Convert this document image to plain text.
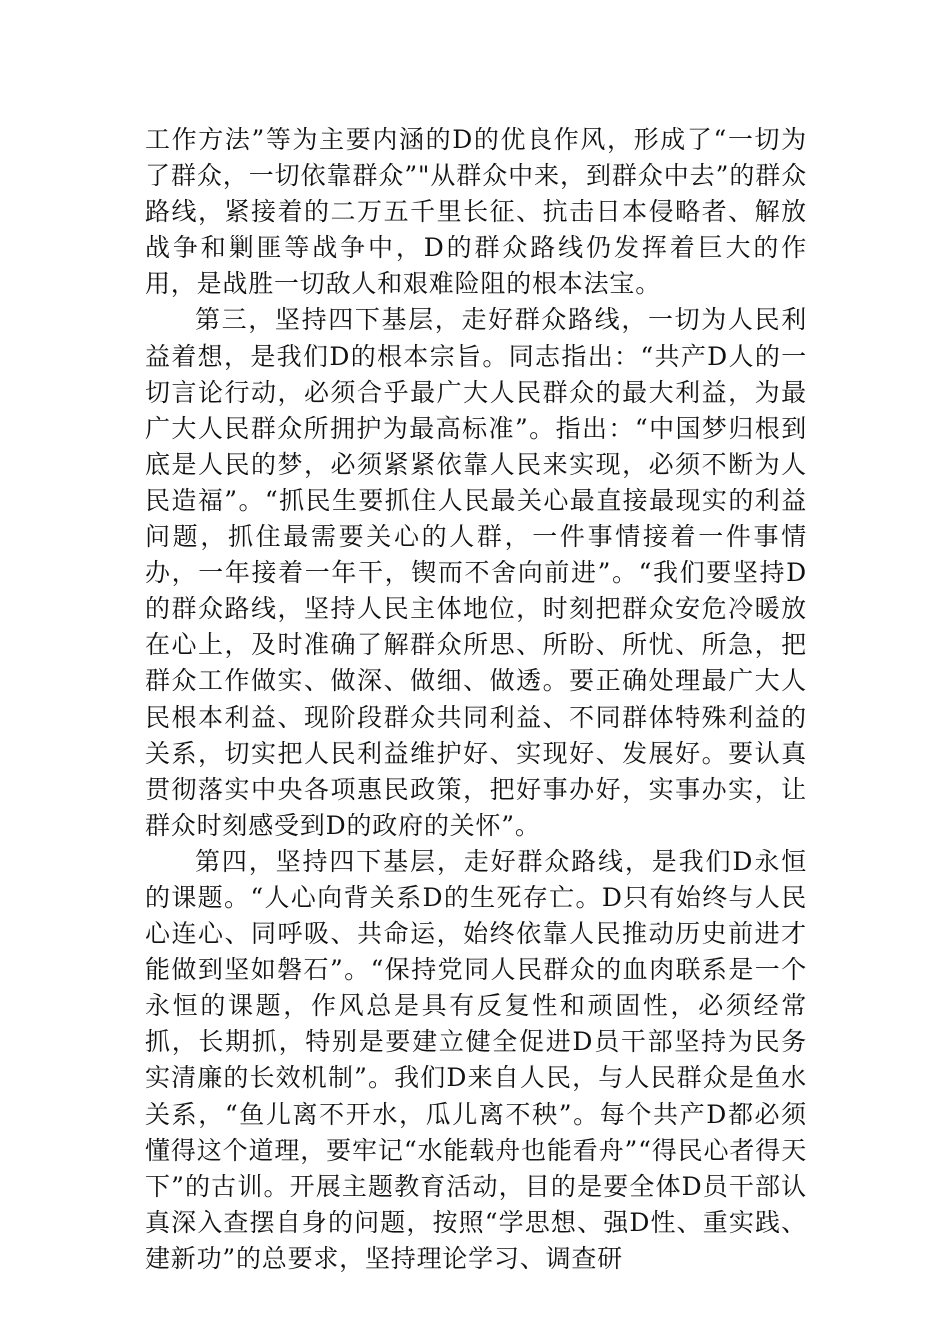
工作方法”等为主要内涵的D的优良作风，形成了“一切为了群众，一切依靠群众”"从群众中来，到群众中去”的群众路线，紧接着的二万五千里长征、抗击日本侵略者、解放战争和剿匪等战争中，D的群众路线仍发挥着巨大的作用，是战胜一切敌人和艰难险阻的根本法宝。

第三，坚持四下基层，走好群众路线，一切为人民利益着想，是我们D的根本宗旨。同志指出：“共产D人的一切言论行动，必须合乎最广大人民群众的最大利益，为最广大人民群众所拥护为最高标准”。指出：“中国梦归根到底是人民的梦，必须紧紧依靠人民来实现，必须不断为人民造福”。“抓民生要抓住人民最关心最直接最现实的利益问题，抓住最需要关心的人群，一件事情接着一件事情办，一年接着一年干，锲而不舍向前进”。“我们要坚持D的群众路线，坚持人民主体地位，时刻把群众安危冷暖放在心上，及时准确了解群众所思、所盼、所忧、所急，把群众工作做实、做深、做细、做透。要正确处理最广大人民根本利益、现阶段群众共同利益、不同群体特殊利益的关系，切实把人民利益维护好、实现好、发展好。要认真贯彻落实中央各项惠民政策，把好事办好，实事办实，让群众时刻感受到D的政府的关怀”。

第四，坚持四下基层，走好群众路线，是我们D永恒的课题。“人心向背关系D的生死存亡。D只有始终与人民心连心、同呼吸、共命运，始终依靠人民推动历史前进才能做到坚如磐石”。“保持党同人民群众的血肉联系是一个永恒的课题，作风总是具有反复性和顽固性，必须经常抓，长期抓，特别是要建立健全促进D员干部坚持为民务实清廉的长效机制”。我们D来自人民，与人民群众是鱼水关系，“鱼儿离不开水，瓜儿离不秧”。每个共产D都必须懂得这个道理，要牢记“水能载舟也能看舟”“得民心者得天下”的古训。开展主题教育活动，目的是要全体D员干部认真深入查摆自身的问题，按照“学思想、强D性、重实践、建新功”的总要求，坚持理论学习、调查研
